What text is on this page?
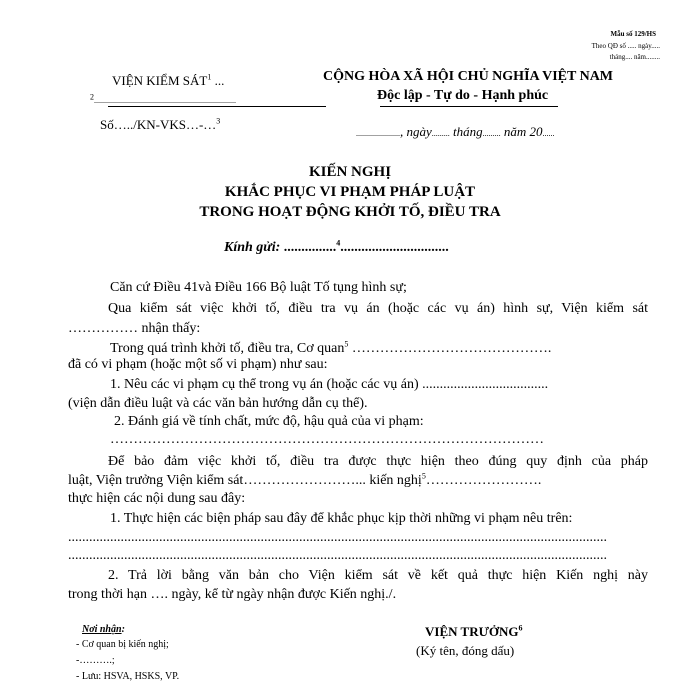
Mẫu số 129/HS
Theo QĐ số ..... ngày.....
tháng.... năm........
VIỆN KIỂM SÁT$^1$ ...
$^2$.......................................................................
Số…../KN-VKS…-…$^3$
CỘNG HÒA XÃ HỘI CHỦ NGHĨA VIỆT NAM
Độc lập - Tự do - Hạnh phúc
......................, ngày......... tháng......... năm 20......
KIẾN NGHỊ
KHẮC PHỤC VI PHẠM PHÁP LUẬT
TRONG HOẠT ĐỘNG KHỞI TỐ, ĐIỀU TRA
Kính gửi: ...............$^4$...............................
Căn cứ Điều 41và Điều 166 Bộ luật Tố tụng hình sự;
Qua kiểm sát việc khởi tố, điều tra vụ án (hoặc các vụ án) hình sự, Viện kiểm sát
…………… nhận thấy:
Trong quá trình khởi tố, điều tra, Cơ quan$^5$ …………………………………….
đã có vi phạm (hoặc một số vi phạm) như sau:
1. Nêu các vi phạm cụ thể trong vụ án (hoặc các vụ án) ....................................
(viện dẫn điều luật và các văn bản hướng dẫn cụ thể).
2. Đánh giá về tính chất, mức độ, hậu quả của vi phạm:
…………………………………………………………………………………
Để bảo đảm việc khởi tố, điều tra được thực hiện theo đúng quy định của pháp
luật, Viện trưởng Viện kiểm sát……………………... kiến nghị$^5$…………………….
thực hiện các nội dung sau đây:
1. Thực hiện các biện pháp sau đây để khắc phục kịp thời những vi phạm nêu trên:
..........................................................................................................................................................
..........................................................................................................................................................
2. Trả lời bằng văn bản cho Viện kiểm sát về kết quả thực hiện Kiến nghị này
trong thời hạn …. ngày, kể từ ngày nhận được Kiến nghị./.
Nơi nhận:
- Cơ quan bị kiến nghị;
-……….;
- Lưu: HSVA, HSKS, VP.
VIỆN TRƯỞNG$^6$
(Ký tên, đóng dấu)
